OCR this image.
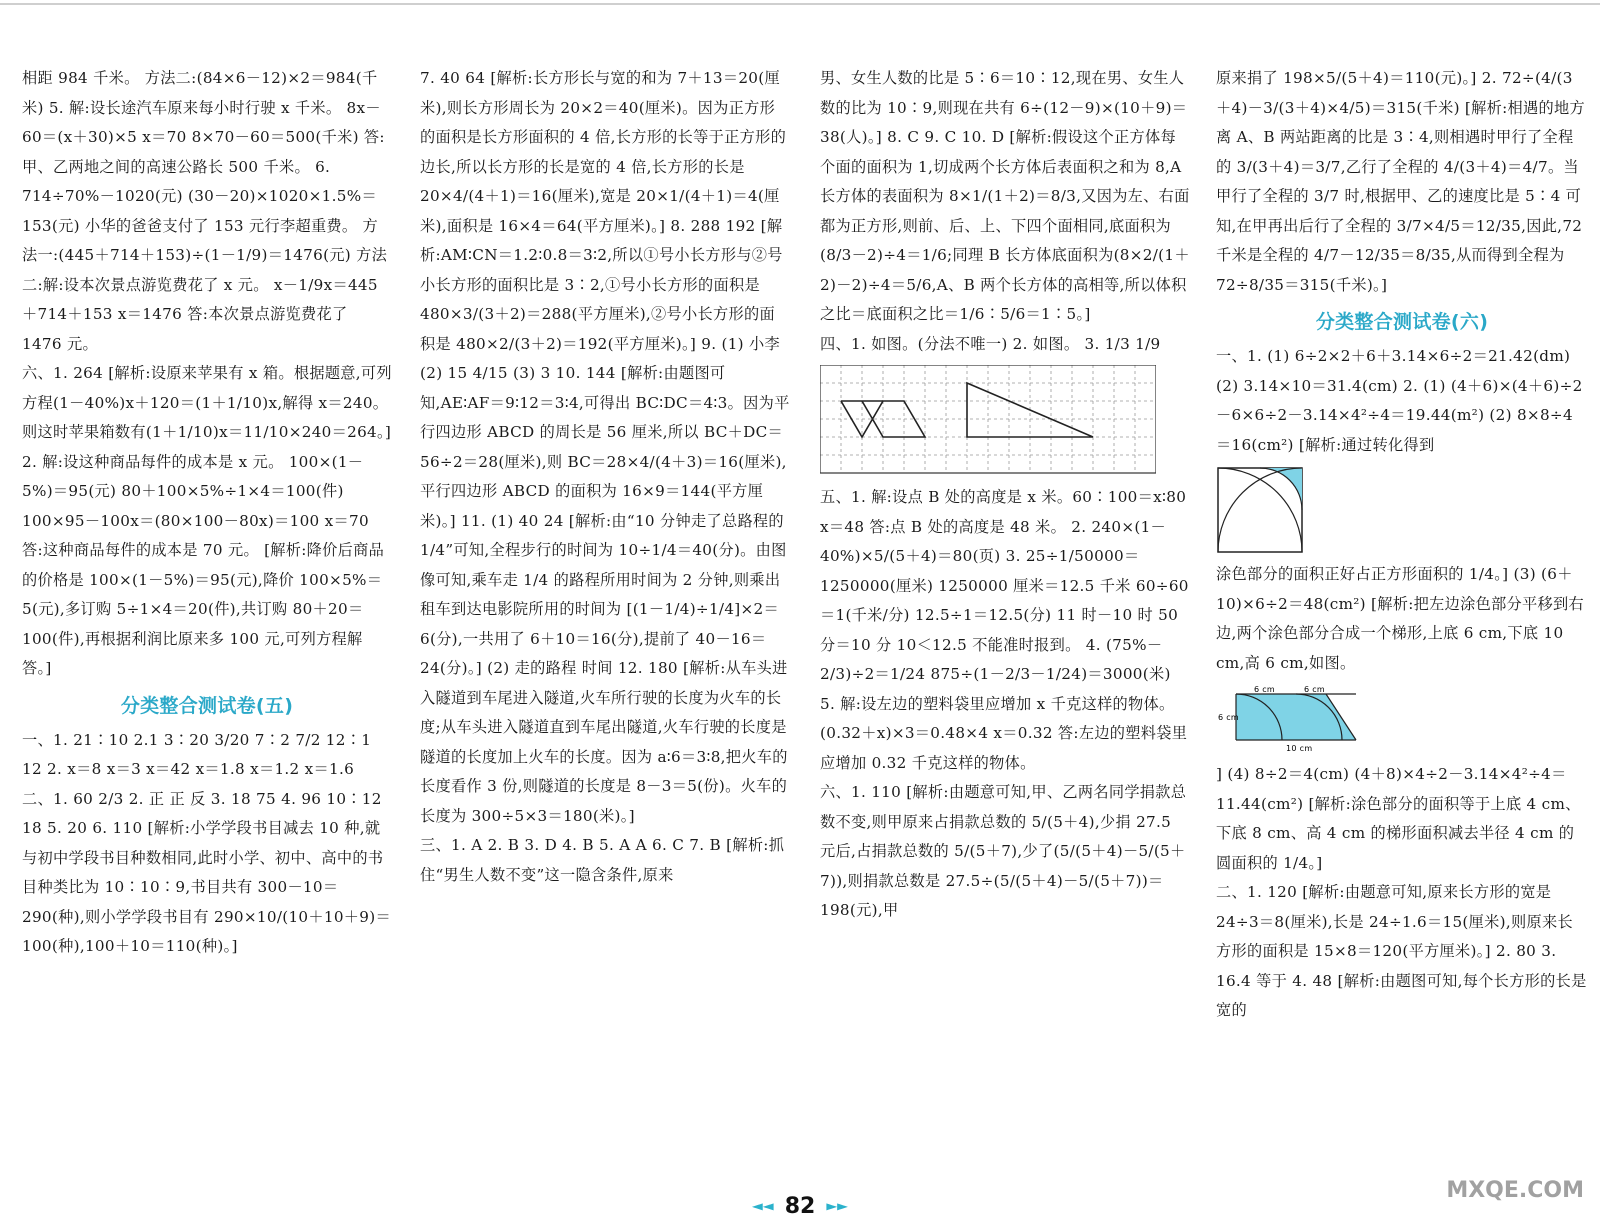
相距 984 千米。 方法二:(84×6－12)×2＝984(千米) 5. 解:设长途汽车原来每小时行驶 x 千米。 8x－60＝(x＋30)×5 x＝70 8×70－60＝500(千米) 答:甲、乙两地之间的高速公路长 500 千米。 6. 714÷70%－1020(元) (30－20)×1020×1.5%＝153(元) 小华的爸爸支付了 153 元行李超重费。 方法一:(445＋714＋153)÷(1－1/9)＝1476(元) 方法二:解:设本次景点游览费花了 x 元。 x－1/9x＝445＋714＋153 x＝1476 答:本次景点游览费花了 1476 元。

六、1. 264 [解析:设原来苹果有 x 箱。根据题意,可列方程(1－40%)x＋120＝(1＋1/10)x,解得 x＝240。则这时苹果箱数有(1＋1/10)x＝11/10×240＝264。]

2. 解:设这种商品每件的成本是 x 元。 100×(1－5%)＝95(元) 80＋100×5%÷1×4＝100(件) 100×95－100x＝(80×100－80x)＝100 x＝70 答:这种商品每件的成本是 70 元。 [解析:降价后商品的价格是 100×(1－5%)＝95(元),降价 100×5%＝5(元),多订购 5÷1×4＝20(件),共订购 80＋20＝100(件),再根据利润比原来多 100 元,可列方程解答。]

分类整合测试卷(五)

一、1. 21∶10 2.1 3∶20 3/20 7∶2 7/2 12∶1 12 2. x＝8 x＝3 x＝42 x＝1.8 x＝1.2 x＝1.6

二、1. 60 2/3 2. 正 正 反 3. 18 75 4. 96 10∶12 18 5. 20 6. 110 [解析:小学学段书目减去 10 种,就与初中学段书目种数相同,此时小学、初中、高中的书目种类比为 10∶10∶9,书目共有 300－10＝290(种),则小学学段书目有 290×10/(10＋10＋9)＝100(种),100＋10＝110(种)。]

7. 40 64 [解析:长方形长与宽的和为 7＋13＝20(厘米),则长方形周长为 20×2＝40(厘米)。因为正方形的面积是长方形面积的 4 倍,长方形的长等于正方形的边长,所以长方形的长是宽的 4 倍,长方形的长是 20×4/(4＋1)＝16(厘米),宽是 20×1/(4＋1)＝4(厘米),面积是 16×4＝64(平方厘米)。] 8. 288 192 [解析:AM∶CN＝1.2∶0.8＝3∶2,所以①号小长方形与②号小长方形的面积比是 3∶2,①号小长方形的面积是 480×3/(3＋2)＝288(平方厘米),②号小长方形的面积是 480×2/(3＋2)＝192(平方厘米)。] 9. (1) 小李 (2) 15 4/15 (3) 3 10. 144 [解析:由题图可知,AE∶AF＝9∶12＝3∶4,可得出 BC∶DC＝4∶3。因为平行四边形 ABCD 的周长是 56 厘米,所以 BC＋DC＝56÷2＝28(厘米),则 BC＝28×4/(4＋3)＝16(厘米),平行四边形 ABCD 的面积为 16×9＝144(平方厘米)。] 11. (1) 40 24 [解析:由“10 分钟走了总路程的 1/4”可知,全程步行的时间为 10÷1/4＝40(分)。由图像可知,乘车走 1/4 的路程所用时间为 2 分钟,则乘出租车到达电影院所用的时间为 [(1－1/4)÷1/4]×2＝6(分),一共用了 6＋10＝16(分),提前了 40－16＝24(分)。] (2) 走的路程 时间 12. 180 [解析:从车头进入隧道到车尾进入隧道,火车所行驶的长度为火车的长度;从车头进入隧道直到车尾出隧道,火车行驶的长度是隧道的长度加上火车的长度。因为 a∶6＝3∶8,把火车的长度看作 3 份,则隧道的长度是 8－3＝5(份)。火车的长度为 300÷5×3＝180(米)。]

三、1. A 2. B 3. D 4. B 5. A A 6. C 7. B [解析:抓住“男生人数不变”这一隐含条件,原来

男、女生人数的比是 5∶6＝10∶12,现在男、女生人数的比为 10∶9,则现在共有 6÷(12－9)×(10＋9)＝38(人)。] 8. C 9. C 10. D [解析:假设这个正方体每个面的面积为 1,切成两个长方体后表面积之和为 8,A 长方体的表面积为 8×1/(1＋2)＝8/3,又因为左、右面都为正方形,则前、后、上、下四个面相同,底面积为(8/3－2)÷4＝1/6;同理 B 长方体底面积为(8×2/(1＋2)－2)÷4＝5/6,A、B 两个长方体的高相等,所以体积之比＝底面积之比＝1/6∶5/6＝1∶5。]

四、1. 如图。(分法不唯一) 2. 如图。 3. 1/3 1/9

五、1. 解:设点 B 处的高度是 x 米。60∶100＝x∶80 x＝48 答:点 B 处的高度是 48 米。 2. 240×(1－40%)×5/(5＋4)＝80(页) 3. 25÷1/50000＝1250000(厘米) 1250000 厘米＝12.5 千米 60÷60＝1(千米/分) 12.5÷1＝12.5(分) 11 时－10 时 50 分＝10 分 10＜12.5 不能准时报到。 4. (75%－2/3)÷2＝1/24 875÷(1－2/3－1/24)＝3000(米) 5. 解:设左边的塑料袋里应增加 x 千克这样的物体。 (0.32＋x)×3＝0.48×4 x＝0.32 答:左边的塑料袋里应增加 0.32 千克这样的物体。

六、1. 110 [解析:由题意可知,甲、乙两名同学捐款总数不变,则甲原来占捐款总数的 5/(5＋4),少捐 27.5 元后,占捐款总数的 5/(5＋7),少了(5/(5＋4)－5/(5＋7)),则捐款总数是 27.5÷(5/(5＋4)－5/(5＋7))＝198(元),甲

原来捐了 198×5/(5＋4)＝110(元)。] 2. 72÷(4/(3＋4)－3/(3＋4)×4/5)＝315(千米) [解析:相遇的地方离 A、B 两站距离的比是 3∶4,则相遇时甲行了全程的 3/(3＋4)＝3/7,乙行了全程的 4/(3＋4)＝4/7。当甲行了全程的 3/7 时,根据甲、乙的速度比是 5∶4 可知,在甲再出后行了全程的 3/7×4/5＝12/35,因此,72 千米是全程的 4/7－12/35＝8/35,从而得到全程为 72÷8/35＝315(千米)。]

分类整合测试卷(六)

一、1. (1) 6÷2×2＋6＋3.14×6÷2＝21.42(dm) (2) 3.14×10＝31.4(cm) 2. (1) (4＋6)×(4＋6)÷2－6×6÷2－3.14×4²÷4＝19.44(m²) (2) 8×8÷4＝16(cm²) [解析:通过转化得到

涂色部分的面积正好占正方形面积的 1/4。] (3) (6＋10)×6÷2＝48(cm²) [解析:把左边涂色部分平移到右边,两个涂色部分合成一个梯形,上底 6 cm,下底 10 cm,高 6 cm,如图。

6 cm	6 cm
6 cm
10 cm

] (4) 8÷2＝4(cm) (4＋8)×4÷2－3.14×4²÷4＝11.44(cm²) [解析:涂色部分的面积等于上底 4 cm、下底 8 cm、高 4 cm 的梯形面积减去半径 4 cm 的圆面积的 1/4。]

二、1. 120 [解析:由题意可知,原来长方形的宽是 24÷3＝8(厘米),长是 24÷1.6＝15(厘米),则原来长方形的面积是 15×8＝120(平方厘米)。] 2. 80 3. 16.4 等于 4. 48 [解析:由题图可知,每个长方形的长是宽的

◄◄ 82 ►►
MXQE.COM
